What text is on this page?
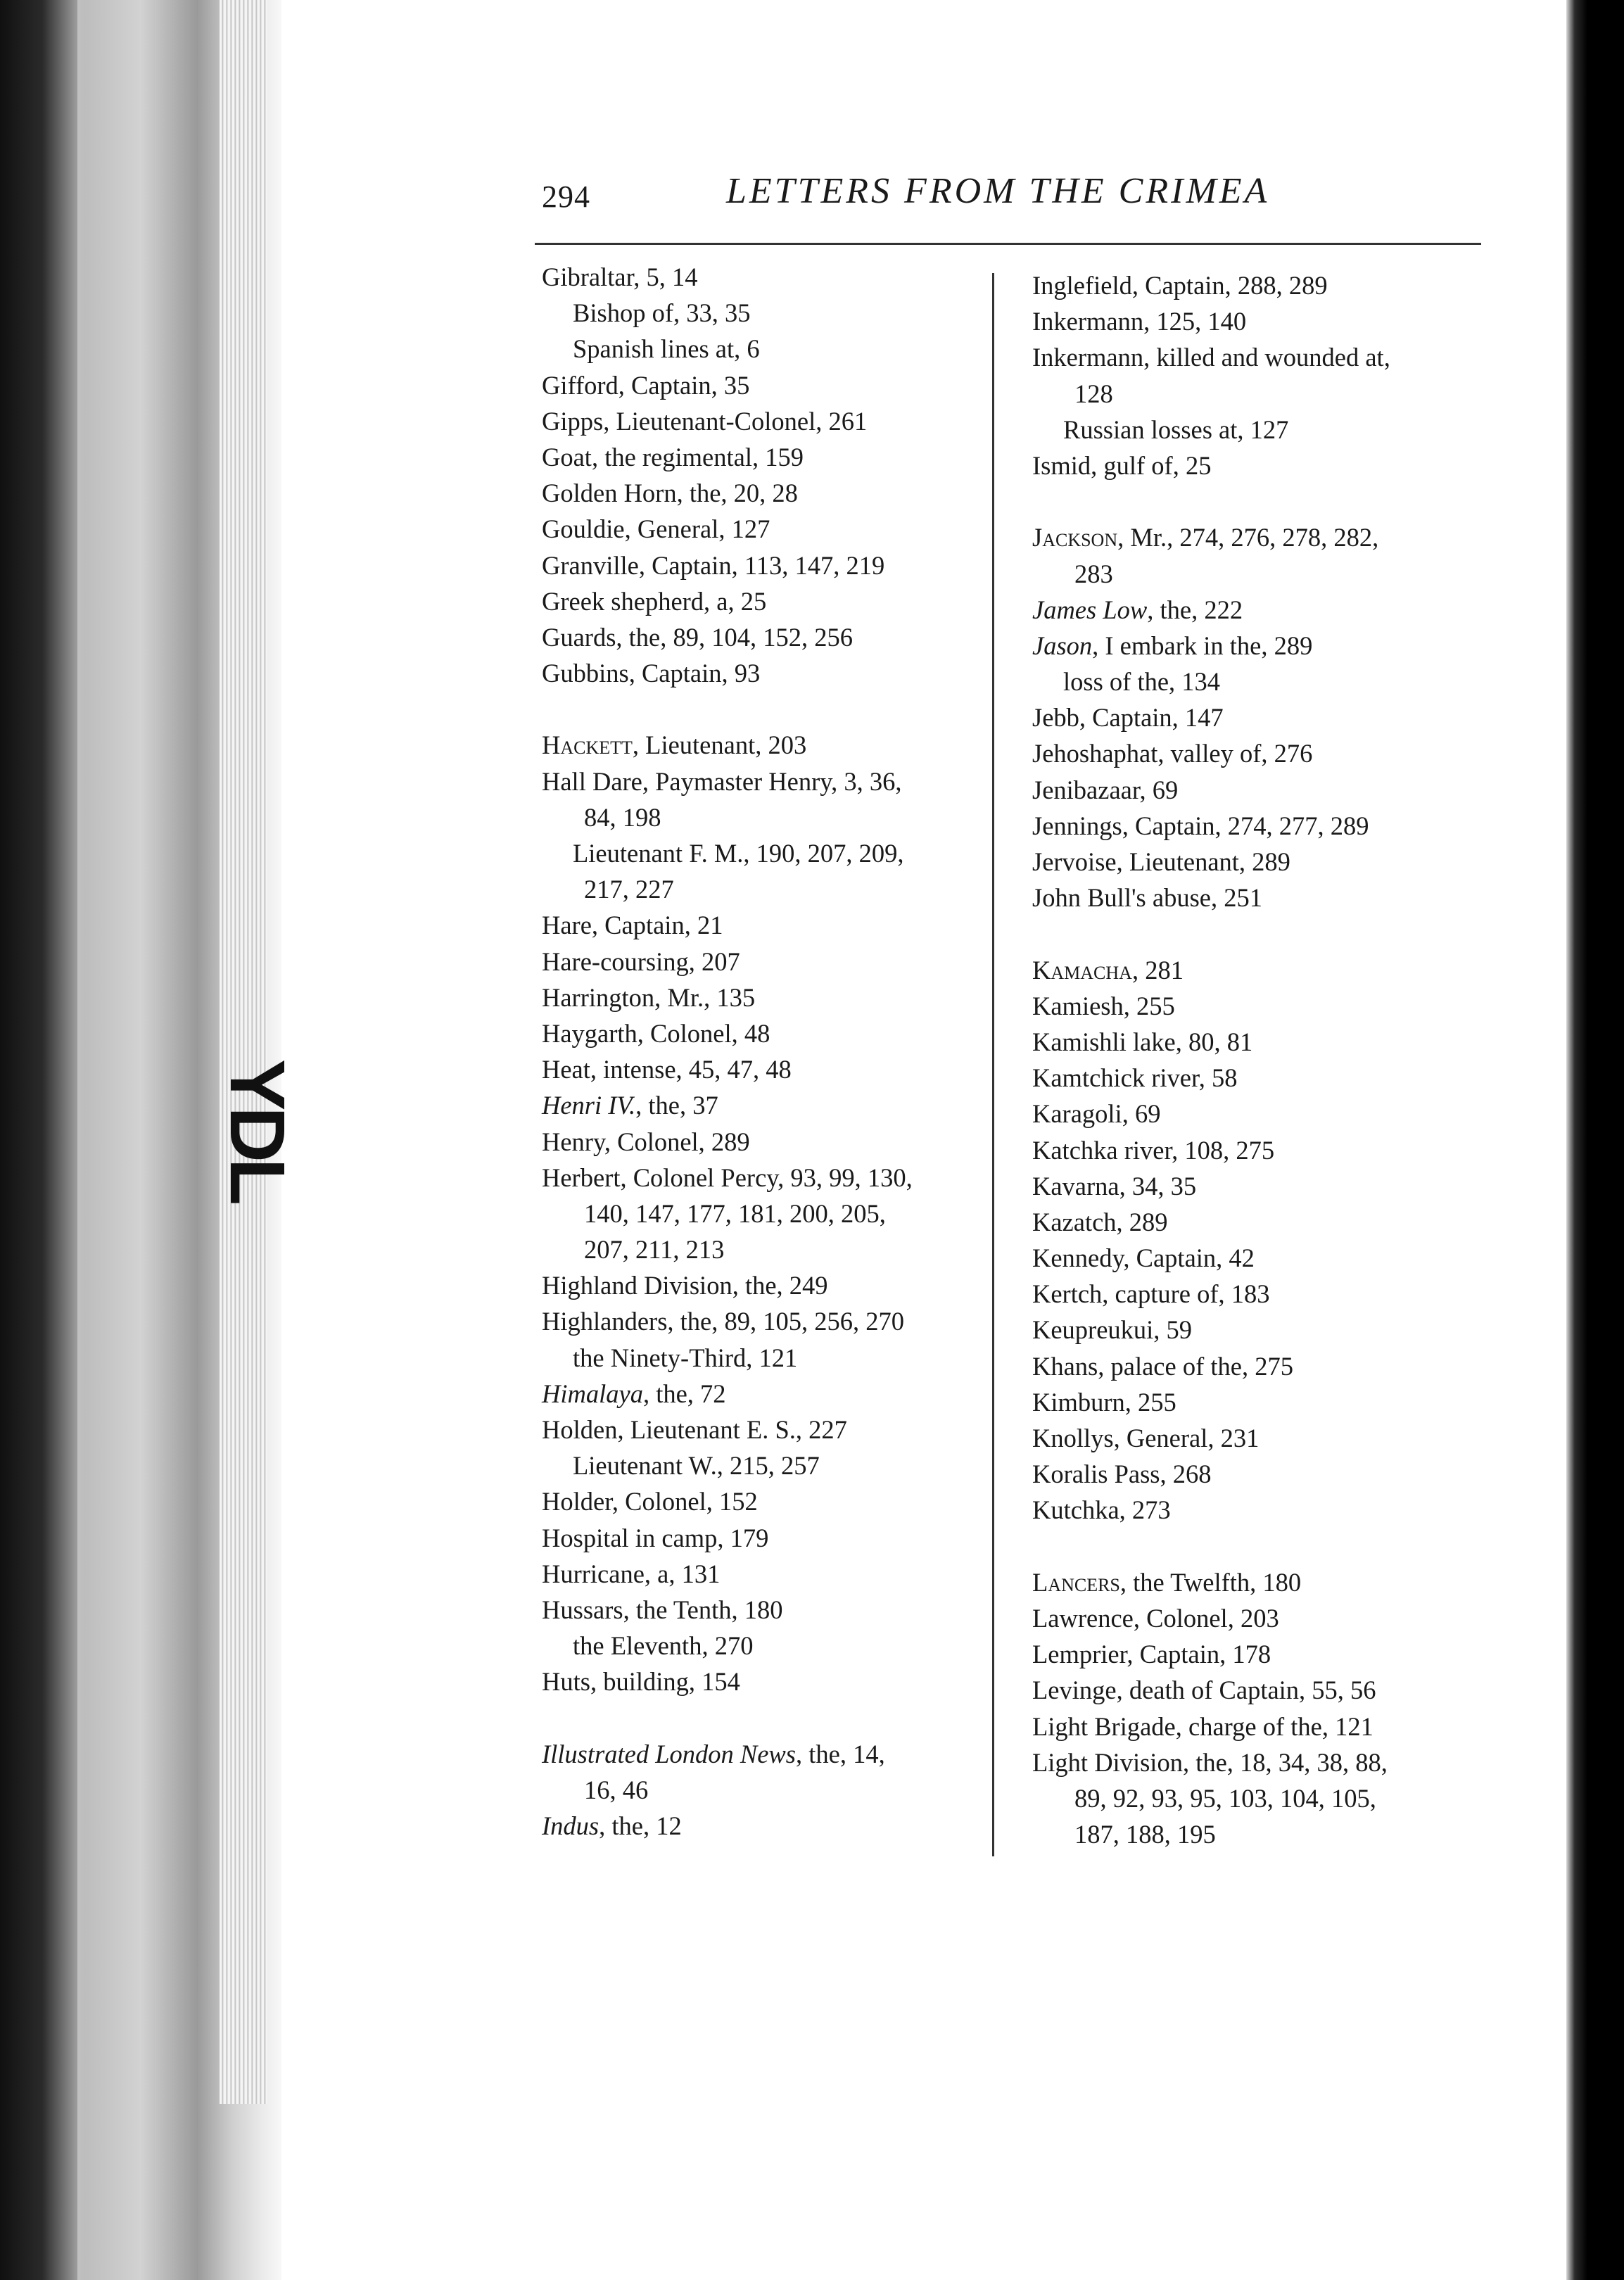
YDL
294	LETTERS FROM THE CRIMEA
Gibraltar, 5, 14
Bishop of, 33, 35
Spanish lines at, 6
Gifford, Captain, 35
Gipps, Lieutenant-Colonel, 261
Goat, the regimental, 159
Golden Horn, the, 20, 28
Gouldie, General, 127
Granville, Captain, 113, 147, 219
Greek shepherd, a, 25
Guards, the, 89, 104, 152, 256
Gubbins, Captain, 93
Hackett, Lieutenant, 203
Hall Dare, Paymaster Henry, 3, 36,
84, 198
Lieutenant F. M., 190, 207, 209,
217, 227
Hare, Captain, 21
Hare-coursing, 207
Harrington, Mr., 135
Haygarth, Colonel, 48
Heat, intense, 45, 47, 48
Henri IV., the, 37
Henry, Colonel, 289
Herbert, Colonel Percy, 93, 99, 130,
140, 147, 177, 181, 200, 205,
207, 211, 213
Highland Division, the, 249
Highlanders, the, 89, 105, 256, 270
the Ninety-Third, 121
Himalaya, the, 72
Holden, Lieutenant E. S., 227
Lieutenant W., 215, 257
Holder, Colonel, 152
Hospital in camp, 179
Hurricane, a, 131
Hussars, the Tenth, 180
the Eleventh, 270
Huts, building, 154
Illustrated London News, the, 14,
16, 46
Indus, the, 12
Inglefield, Captain, 288, 289
Inkermann, 125, 140
Inkermann, killed and wounded at,
128
Russian losses at, 127
Ismid, gulf of, 25
Jackson, Mr., 274, 276, 278, 282,
283
James Low, the, 222
Jason, I embark in the, 289
loss of the, 134
Jebb, Captain, 147
Jehoshaphat, valley of, 276
Jenibazaar, 69
Jennings, Captain, 274, 277, 289
Jervoise, Lieutenant, 289
John Bull's abuse, 251
Kamacha, 281
Kamiesh, 255
Kamishli lake, 80, 81
Kamtchick river, 58
Karagoli, 69
Katchka river, 108, 275
Kavarna, 34, 35
Kazatch, 289
Kennedy, Captain, 42
Kertch, capture of, 183
Keupreukui, 59
Khans, palace of the, 275
Kimburn, 255
Knollys, General, 231
Koralis Pass, 268
Kutchka, 273
Lancers, the Twelfth, 180
Lawrence, Colonel, 203
Lemprier, Captain, 178
Levinge, death of Captain, 55, 56
Light Brigade, charge of the, 121
Light Division, the, 18, 34, 38, 88,
89, 92, 93, 95, 103, 104, 105,
187, 188, 195
